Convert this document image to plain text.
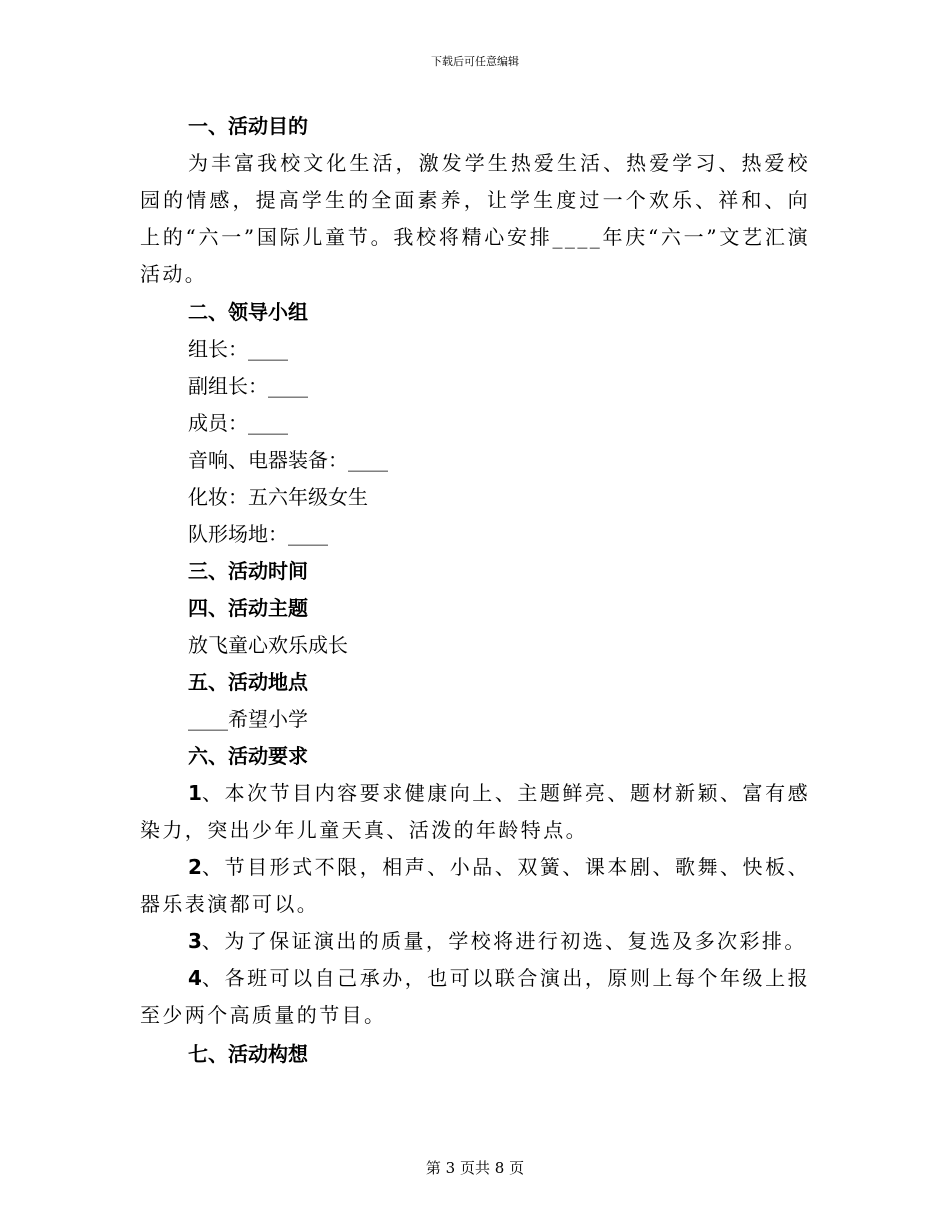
下载后可任意编辑
一、活动目的
为丰富我校文化生活，激发学生热爱生活、热爱学习、热爱校园的情感，提高学生的全面素养，让学生度过一个欢乐、祥和、向上的“六一”国际儿童节。我校将精心安排____年庆“六一”文艺汇演活动。
二、领导小组
组长：____
副组长：____
成员：____
音响、电器装备：____
化妆：五六年级女生
队形场地：____
三、活动时间
四、活动主题
放飞童心欢乐成长
五、活动地点
____希望小学
六、活动要求
1、本次节目内容要求健康向上、主题鲜亮、题材新颖、富有感染力，突出少年儿童天真、活泼的年龄特点。
2、节目形式不限，相声、小品、双簧、课本剧、歌舞、快板、器乐表演都可以。
3、为了保证演出的质量，学校将进行初选、复选及多次彩排。
4、各班可以自己承办，也可以联合演出，原则上每个年级上报至少两个高质量的节目。
七、活动构想
第 3 页共 8 页
